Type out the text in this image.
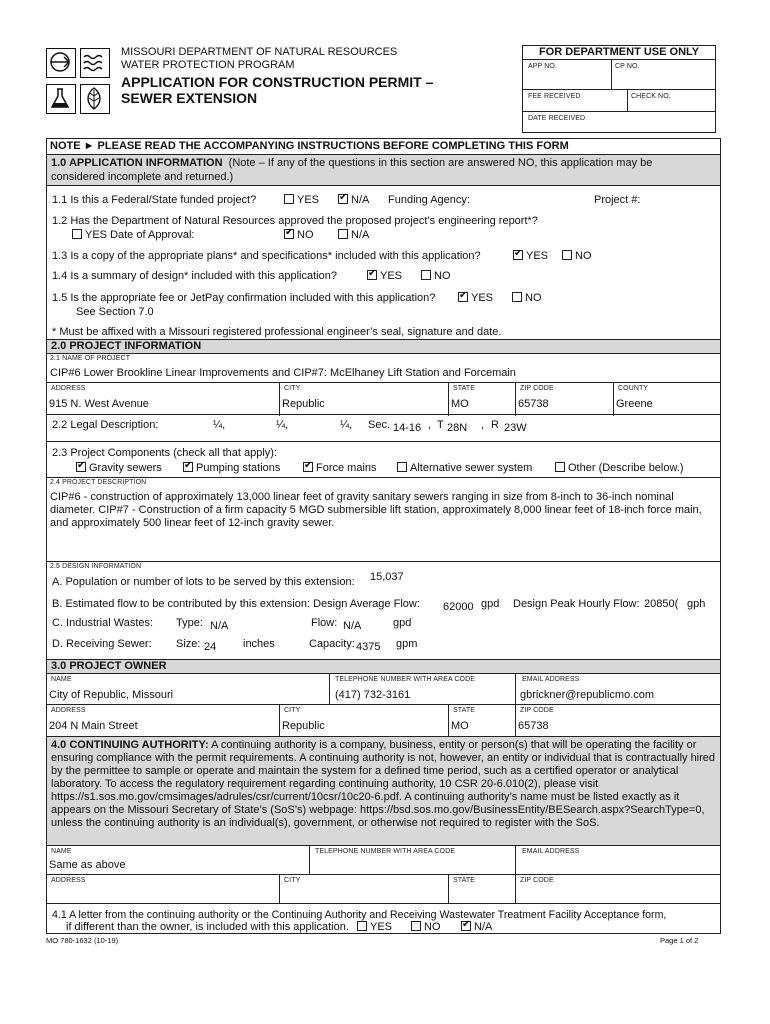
MISSOURI DEPARTMENT OF NATURAL RESOURCES
WATER PROTECTION PROGRAM
APPLICATION FOR CONSTRUCTION PERMIT –
SEWER EXTENSION
FOR DEPARTMENT USE ONLY
APP NO.	CP NO.
FEE RECEIVED	CHECK NO.
DATE RECEIVED
NOTE ► PLEASE READ THE ACCOMPANYING INSTRUCTIONS BEFORE COMPLETING THIS FORM
1.0 APPLICATION INFORMATION (Note – If any of the questions in this section are answered NO, this application may be
considered incomplete and returned.)
1.1 Is this a Federal/State funded project?	YES ✔	N/A Funding Agency:	Project #:
1.2 Has the Department of Natural Resources approved the proposed project’s engineering report*?
YES Date of Approval: ✔	NO	N/A
1.3 Is a copy of the appropriate plans* and specifications* included with this application? ✔	YES	NO
1.4 Is a summary of design* included with this application? ✔	YES	NO
1.5 Is the appropriate fee or JetPay confirmation included with this application? ✔	YES	NO
See Section 7.0
* Must be affixed with a Missouri registered professional engineer’s seal, signature and date.
2.0 PROJECT INFORMATION
2.1 NAME OF PROJECT
CIP#6 Lower Brookline Linear Improvements and CIP#7: McElhaney Lift Station and Forcemain
ADDRESS	CITY	STATE	ZIP CODE	COUNTY
915 N. West Avenue	Republic	MO	65738	Greene
2.2 Legal Description:	¼,	¼,	¼, Sec. 14-16 , T 28N , R 23W
2.3 Project Components (check all that apply):
✔Gravity sewers ✔	Pumping stations ✔	Force mains	Alternative sewer system	Other (Describe below.)
2.4 PROJECT DESCRIPTION
CIP#6 - construction of approximately 13,000 linear feet of gravity sanitary sewers ranging in size from 8-inch to 36-inch nominal diameter. CIP#7 - Construction of a firm capacity 5 MGD submersible lift station, approximately 8,000 linear feet of 18-inch force main, and approximately 500 linear feet of 12-inch gravity sewer.
2.5 DESIGN INFORMATION
A. Population or number of lots to be served by this extension: 15,037
B. Estimated flow to be contributed by this extension: Design Average Flow: 62000 gpd Design Peak Hourly Flow: 20850( gph
C. Industrial Wastes: Type: N/A	Flow: N/A	gpd
D. Receiving Sewer: Size: 24 inches	Capacity: 4375 gpm
3.0 PROJECT OWNER
NAME	TELEPHONE NUMBER WITH AREA CODE	EMAIL ADDRESS
City of Republic, Missouri	(417) 732-3161	gbrickner@republicmo.com
ADDRESS	CITY	STATE	ZIP CODE
204 N Main Street	Republic	MO	65738
4.0 CONTINUING AUTHORITY: A continuing authority is a company, business, entity or person(s) that will be operating the facility or ensuring compliance with the permit requirements. A continuing authority is not, however, an entity or individual that is contractually hired by the permittee to sample or operate and maintain the system for a defined time period, such as a certified operator or analytical laboratory. To access the regulatory requirement regarding continuing authority, 10 CSR 20-6.010(2), please visit https://s1.sos.mo.gov/cmsimages/adrules/csr/current/10csr/10c20-6.pdf. A continuing authority’s name must be listed exactly as it appears on the Missouri Secretary of State’s (SoS’s) webpage: https://bsd.sos.mo.gov/BusinessEntity/BESearch.aspx?SearchType=0, unless the continuing authority is an individual(s), government, or otherwise not required to register with the SoS.
NAME	TELEPHONE NUMBER WITH AREA CODE	EMAIL ADDRESS
Same as above
ADDRESS	CITY	STATE	ZIP CODE
4.1 A letter from the continuing authority or the Continuing Authority and Receiving Wastewater Treatment Facility Acceptance form,
if different than the owner, is included with this application.	YES	NO ✔	N/A
MO 780-1632 (10-19)	Page 1 of 2
